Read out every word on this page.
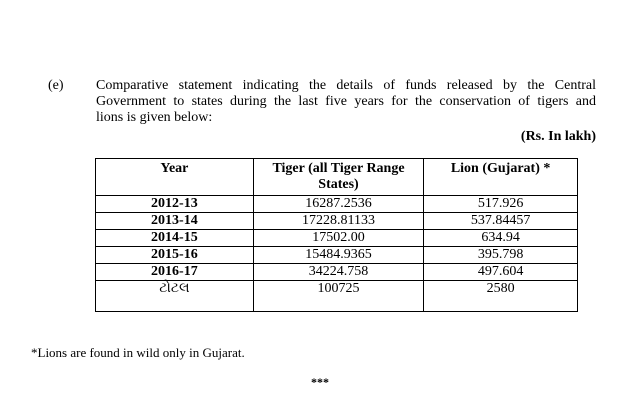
(e) Comparative statement indicating the details of funds released by the Central
Government to states during the last five years for the conservation of tigers and
lions is given below:
(Rs. In lakh)
Year	Tiger (all Tiger Range States)	Lion (Gujarat) *
2012-13	16287.2536	517.926
2013-14	17228.81133	537.84457
2014-15	17502.00	634.94
2015-16	15484.9365	395.798
2016-17	34224.758	497.604
ટોટલ	100725	2580
*Lions are found in wild only in Gujarat.
***
